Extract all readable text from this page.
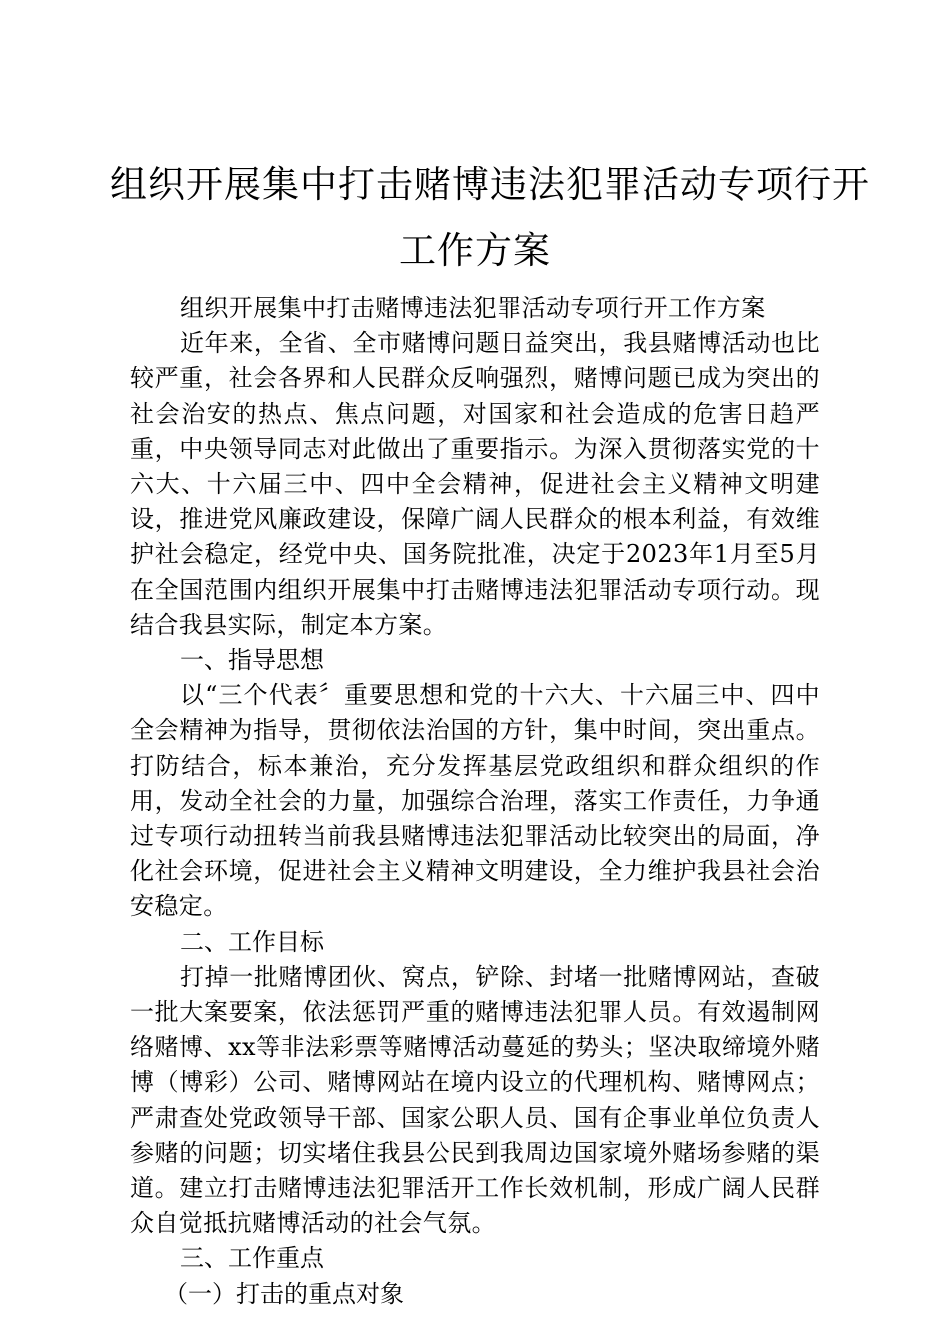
组织开展集中打击赌博违法犯罪活动专项行开
工作方案

组织开展集中打击赌博违法犯罪活动专项行开工作方案

近年来，全省、全市赌博问题日益突出，我县赌博活动也比较严重，社会各界和人民群众反响强烈，赌博问题已成为突出的社会治安的热点、焦点问题，对国家和社会造成的危害日趋严重，中央领导同志对此做出了重要指示。为深入贯彻落实党的十六大、十六届三中、四中全会精神，促进社会主义精神文明建设，推进党风廉政建设，保障广阔人民群众的根本利益，有效维护社会稳定，经党中央、国务院批准，决定于2023年1月至5月在全国范围内组织开展集中打击赌博违法犯罪活动专项行动。现结合我县实际，制定本方案。

一、指导思想

以“三个代表〞重要思想和党的十六大、十六届三中、四中全会精神为指导，贯彻依法治国的方针，集中时间，突出重点。打防结合，标本兼治，充分发挥基层党政组织和群众组织的作用，发动全社会的力量，加强综合治理，落实工作责任，力争通过专项行动扭转当前我县赌博违法犯罪活动比较突出的局面，净化社会环境，促进社会主义精神文明建设，全力维护我县社会治安稳定。

二、工作目标

打掉一批赌博团伙、窝点，铲除、封堵一批赌博网站，查破一批大案要案，依法惩罚严重的赌博违法犯罪人员。有效遏制网络赌博、xx等非法彩票等赌博活动蔓延的势头；坚决取缔境外赌博（博彩）公司、赌博网站在境内设立的代理机构、赌博网点；严肃查处党政领导干部、国家公职人员、国有企事业单位负责人参赌的问题；切实堵住我县公民到我周边国家境外赌场参赌的渠道。建立打击赌博违法犯罪活开工作长效机制，形成广阔人民群众自觉抵抗赌博活动的社会气氛。

三、工作重点

（一）打击的重点对象
